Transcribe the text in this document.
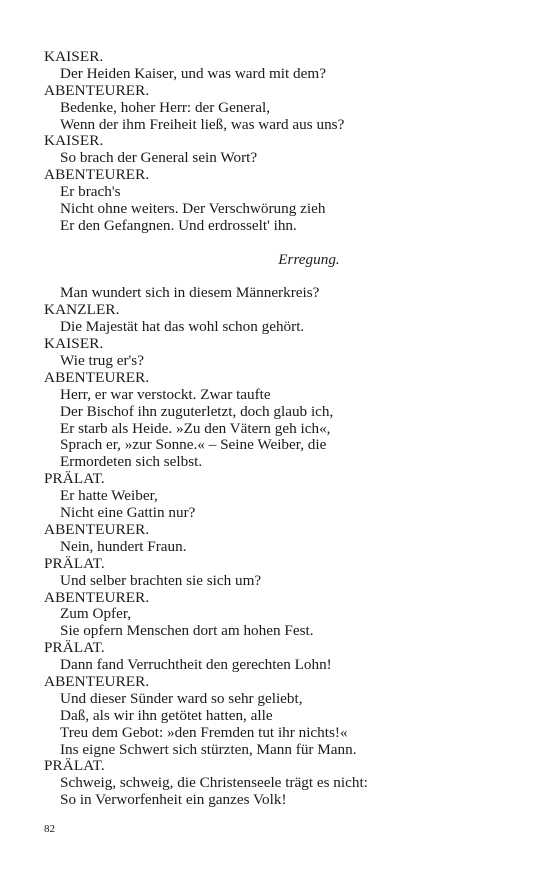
KAISER.
Der Heiden Kaiser, und was ward mit dem?
ABENTEURER.
Bedenke, hoher Herr: der General,
Wenn der ihm Freiheit ließ, was ward aus uns?
KAISER.
So brach der General sein Wort?
ABENTEURER.
Er brach's
Nicht ohne weiters. Der Verschwörung zieh
Er den Gefangnen. Und erdrosselt' ihn.
Erregung.
Man wundert sich in diesem Männerkreis?
KANZLER.
Die Majestät hat das wohl schon gehört.
KAISER.
Wie trug er's?
ABENTEURER.
Herr, er war verstockt. Zwar taufte
Der Bischof ihn zuguterletzt, doch glaub ich,
Er starb als Heide. »Zu den Vätern geh ich«,
Sprach er, »zur Sonne.« – Seine Weiber, die
Ermordeten sich selbst.
PRÄLAT.
Er hatte Weiber,
Nicht eine Gattin nur?
ABENTEURER.
Nein, hundert Fraun.
PRÄLAT.
Und selber brachten sie sich um?
ABENTEURER.
Zum Opfer,
Sie opfern Menschen dort am hohen Fest.
PRÄLAT.
Dann fand Verruchtheit den gerechten Lohn!
ABENTEURER.
Und dieser Sünder ward so sehr geliebt,
Daß, als wir ihn getötet hatten, alle
Treu dem Gebot: »den Fremden tut ihr nichts!«
Ins eigne Schwert sich stürzten, Mann für Mann.
PRÄLAT.
Schweig, schweig, die Christenseele trägt es nicht:
So in Verworfenheit ein ganzes Volk!
82
